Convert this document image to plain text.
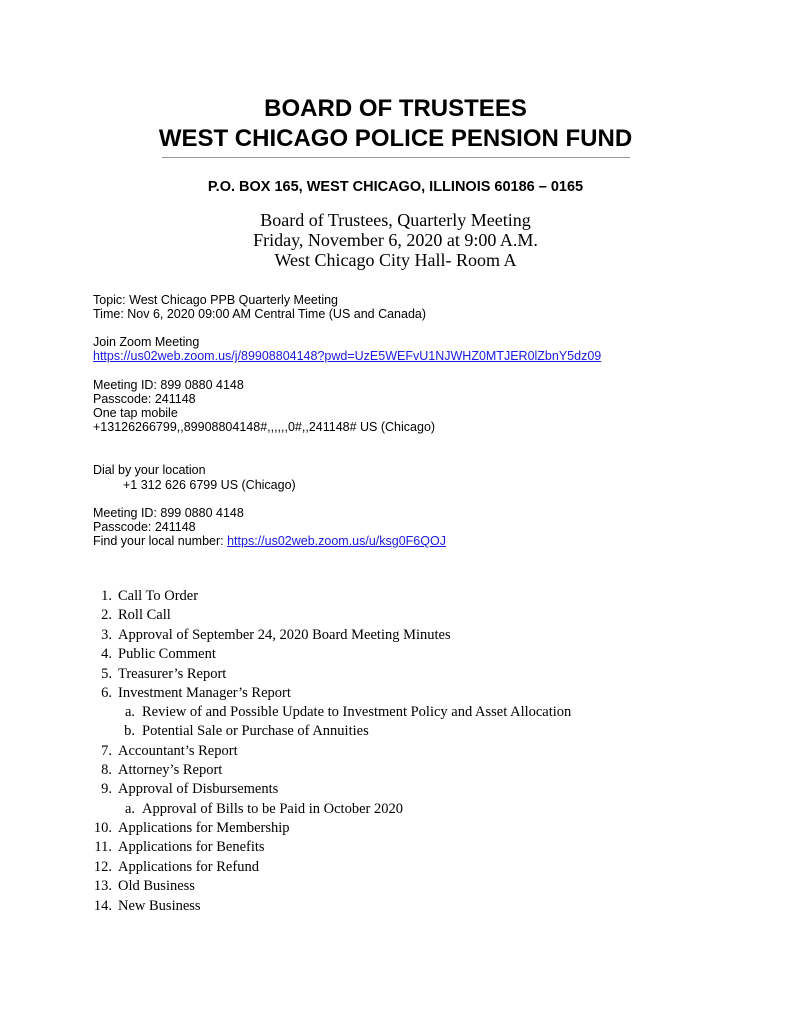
BOARD OF TRUSTEES
WEST CHICAGO POLICE PENSION FUND
P.O. BOX 165, WEST CHICAGO, ILLINOIS 60186 – 0165
Board of Trustees, Quarterly Meeting
Friday, November 6, 2020 at 9:00 A.M.
West Chicago City Hall- Room A
Topic: West Chicago PPB Quarterly Meeting
Time: Nov 6, 2020 09:00 AM Central Time (US and Canada)
Join Zoom Meeting
https://us02web.zoom.us/j/89908804148?pwd=UzE5WEFvU1NJWHZ0MTJER0lZbnY5dz09
Meeting ID: 899 0880 4148
Passcode: 241148
One tap mobile
+13126266799,,89908804148#,,,,,,0#,,241148# US (Chicago)
Dial by your location
+1 312 626 6799 US (Chicago)
Meeting ID: 899 0880 4148
Passcode: 241148
Find your local number: https://us02web.zoom.us/u/ksg0F6QOJ
1. Call To Order
2. Roll Call
3. Approval of September 24, 2020 Board Meeting Minutes
4. Public Comment
5. Treasurer’s Report
6. Investment Manager’s Report
a. Review of and Possible Update to Investment Policy and Asset Allocation
b. Potential Sale or Purchase of Annuities
7. Accountant’s Report
8. Attorney’s Report
9. Approval of Disbursements
a. Approval of Bills to be Paid in October 2020
10. Applications for Membership
11. Applications for Benefits
12. Applications for Refund
13. Old Business
14. New Business
